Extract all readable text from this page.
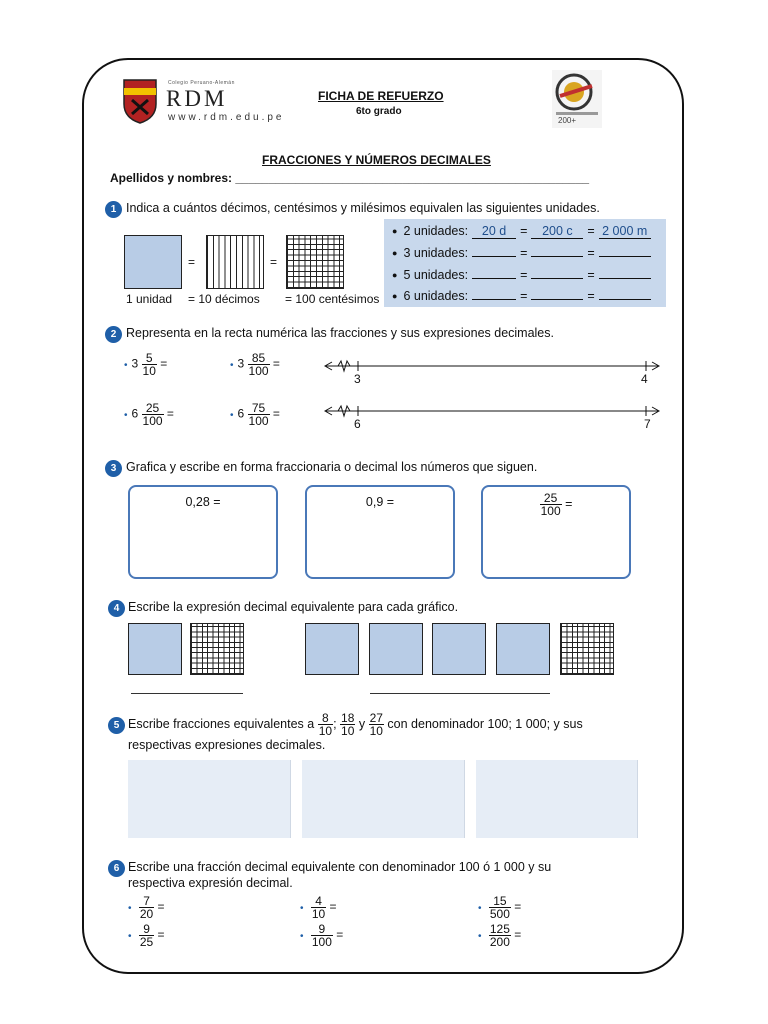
Colegio Peruano-Alemán
RDM
www.rdm.edu.pe
FICHA DE REFUERZO
6to grado
200+
FRACCIONES Y NÚMEROS DECIMALES
Apellidos y nombres: _____________________________________________________
1 Indica a cuántos décimos, centésimos y milésimos equivalen las siguientes unidades.
=	=
1 unidad = 10 décimos = 100 centésimos
● 2 unidades: 20 d = 200 c = 2 000 m
● 3 unidades:	=	=
● 5 unidades:	=	=
● 6 unidades:	=	=
2 Representa en la recta numérica las fracciones y sus expresiones decimales.
• $3 \frac{5}{10}$ =	• $3 \frac{85}{100}$ =
• $6 \frac{25}{100}$ =	• $6 \frac{75}{100}$ =
3	4
6	7
3 Grafica y escribe en forma fraccionaria o decimal los números que siguen.
0,28 =	0,9 =	$\frac{25}{100}$ =
4 Escribe la expresión decimal equivalente para cada gráfico.
5 Escribe fracciones equivalentes a $\frac{8}{10}$ ; $\frac{18}{10}$ y $\frac{27}{10}$ con denominador 100; 1 000; y sus
respectivas expresiones decimales.
6 Escribe una fracción decimal equivalente con denominador 100 ó 1 000 y su
respectiva expresión decimal.
• $\frac{7}{20}$ =	• $\frac{4}{10}$ =	• $\frac{15}{500}$ =
• $\frac{9}{25}$ =	• $\frac{9}{100}$ =	• $\frac{125}{200}$ =
